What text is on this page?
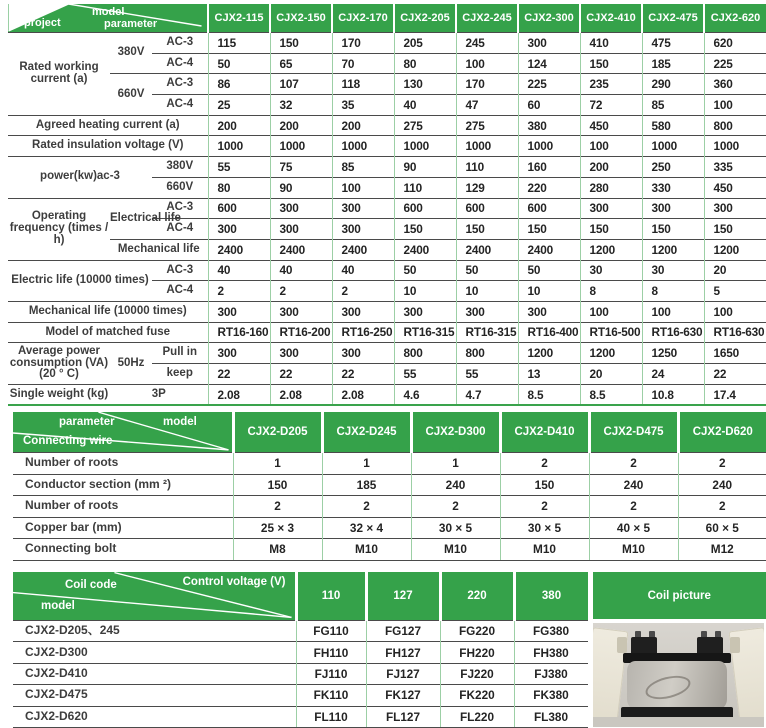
model
parameter
project			CJX2-115	CJX2-150	CJX2-170	CJX2-205	CJX2-245	CJX2-300	CJX2-410	CJX2-475	CJX2-620
Rated working current (a)	380V	AC-3	115	150	170	205	245	300	410	475	620
		AC-4	50	65	70	80	100	124	150	185	225
	660V	AC-3	86	107	118	130	170	225	235	290	360
		AC-4	25	32	35	40	47	60	72	85	100
Agreed heating current (a)			200	200	200	275	275	380	450	580	800
Rated insulation voltage (V)			1000	1000	1000	1000	1000	1000	100	1000	1000
power(kw)ac-3		380V	55	75	85	90	110	160	200	250	335
		660V	80	90	100	110	129	220	280	330	450
Operating frequency (times / h)	Electrical life	AC-3	600	300	300	600	600	600	300	300	300
		AC-4	300	300	300	150	150	150	150	150	150
	Mechanical life		2400	2400	2400	2400	2400	2400	1200	1200	1200
Electric life (10000 times)		AC-3	40	40	40	50	50	50	30	30	20
		AC-4	2	2	2	10	10	10	8	8	5
Mechanical life (10000 times)			300	300	300	300	300	300	100	100	100
Model of matched fuse			RT16-160	RT16-200	RT16-250	RT16-315	RT16-315	RT16-400	RT16-500	RT16-630	RT16-630
Average power consumption (VA) (20 ° C)	50Hz	Pull in	300	300	300	800	800	1200	1200	1250	1650
		keep	22	22	22	55	55	13	20	24	22
Single weight (kg)	3P		2.08	2.08	2.08	4.6	4.7	8.5	8.5	10.8	17.4
parameter model
Connecting wire	CJX2-D205	CJX2-D245	CJX2-D300	CJX2-D410	CJX2-D475	CJX2-D620
Number of roots	1	1	1	2	2	2
Conductor section (mm ²)	150	185	240	150	240	240
Number of roots	2	2	2	2	2	2
Copper bar (mm)	25 × 3	32 × 4	30 × 5	30 × 5	40 × 5	60 × 5
Connecting bolt	M8	M10	M10	M10	M10	M12
Coil code Control voltage (V)
model	110	127	220	380	Coil picture
CJX2-D205、245	FG110	FG127	FG220	FG380	

CJX2-D300	FH110	FH127	FH220	FH380	
CJX2-D410	FJ110	FJ127	FJ220	FJ380	
CJX2-D475	FK110	FK127	FK220	FK380	
CJX2-D620	FL110	FL127	FL220	FL380	
